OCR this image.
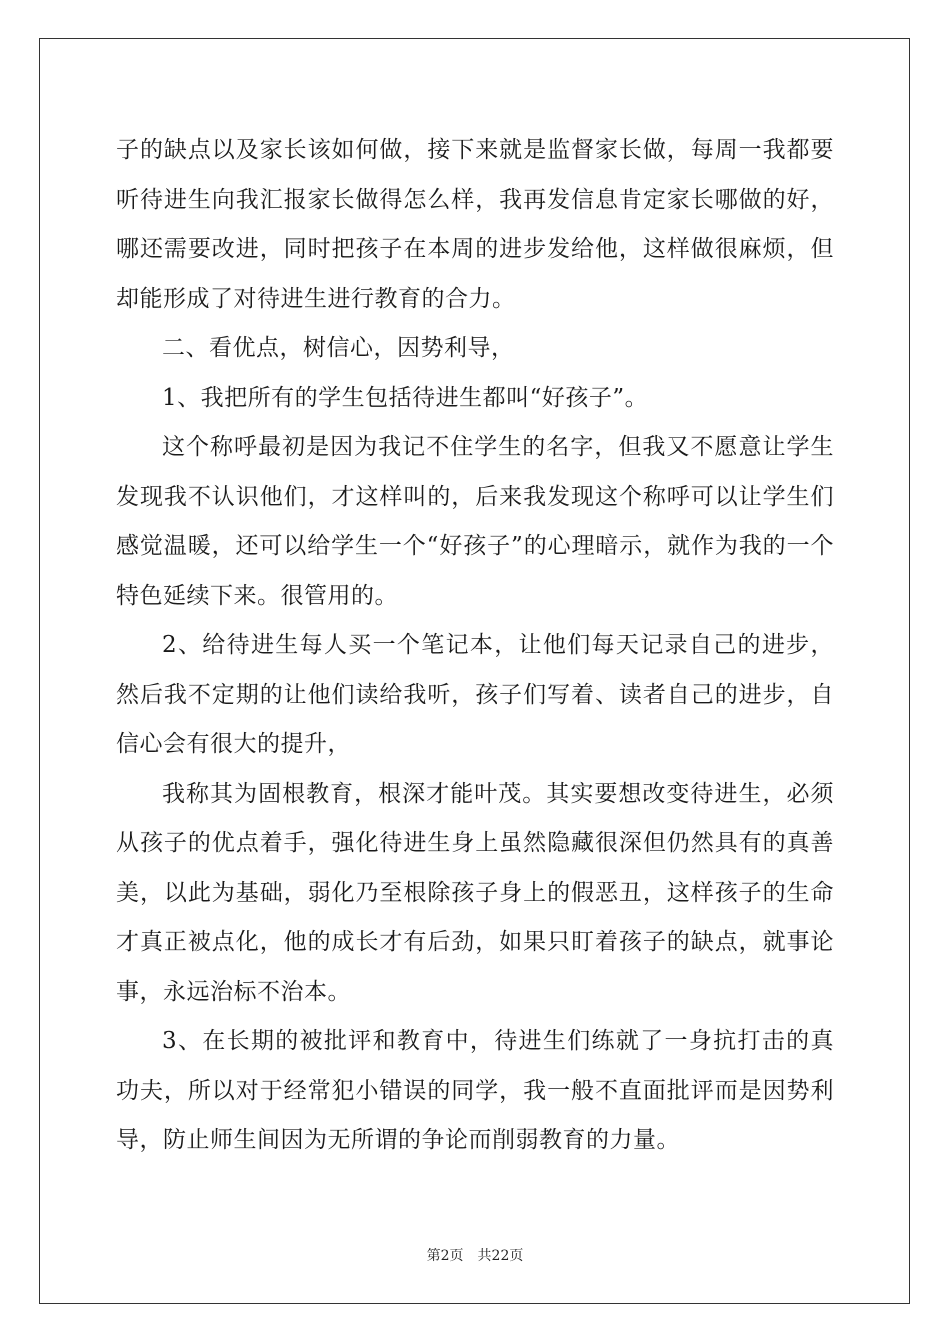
子的缺点以及家长该如何做，接下来就是监督家长做，每周一我都要听待进生向我汇报家长做得怎么样，我再发信息肯定家长哪做的好，哪还需要改进，同时把孩子在本周的进步发给他，这样做很麻烦，但却能形成了对待进生进行教育的合力。

二、看优点，树信心，因势利导，

1、我把所有的学生包括待进生都叫“好孩子”。

这个称呼最初是因为我记不住学生的名字，但我又不愿意让学生发现我不认识他们，才这样叫的，后来我发现这个称呼可以让学生们感觉温暖，还可以给学生一个“好孩子”的心理暗示，就作为我的一个特色延续下来。很管用的。

2、给待进生每人买一个笔记本，让他们每天记录自己的进步，然后我不定期的让他们读给我听，孩子们写着、读者自己的进步，自信心会有很大的提升，

我称其为固根教育，根深才能叶茂。其实要想改变待进生，必须从孩子的优点着手，强化待进生身上虽然隐藏很深但仍然具有的真善美，以此为基础，弱化乃至根除孩子身上的假恶丑，这样孩子的生命才真正被点化，他的成长才有后劲，如果只盯着孩子的缺点，就事论事，永远治标不治本。

3、在长期的被批评和教育中，待进生们练就了一身抗打击的真功夫，所以对于经常犯小错误的同学，我一般不直面批评而是因势利导，防止师生间因为无所谓的争论而削弱教育的力量。

第2页 共22页
